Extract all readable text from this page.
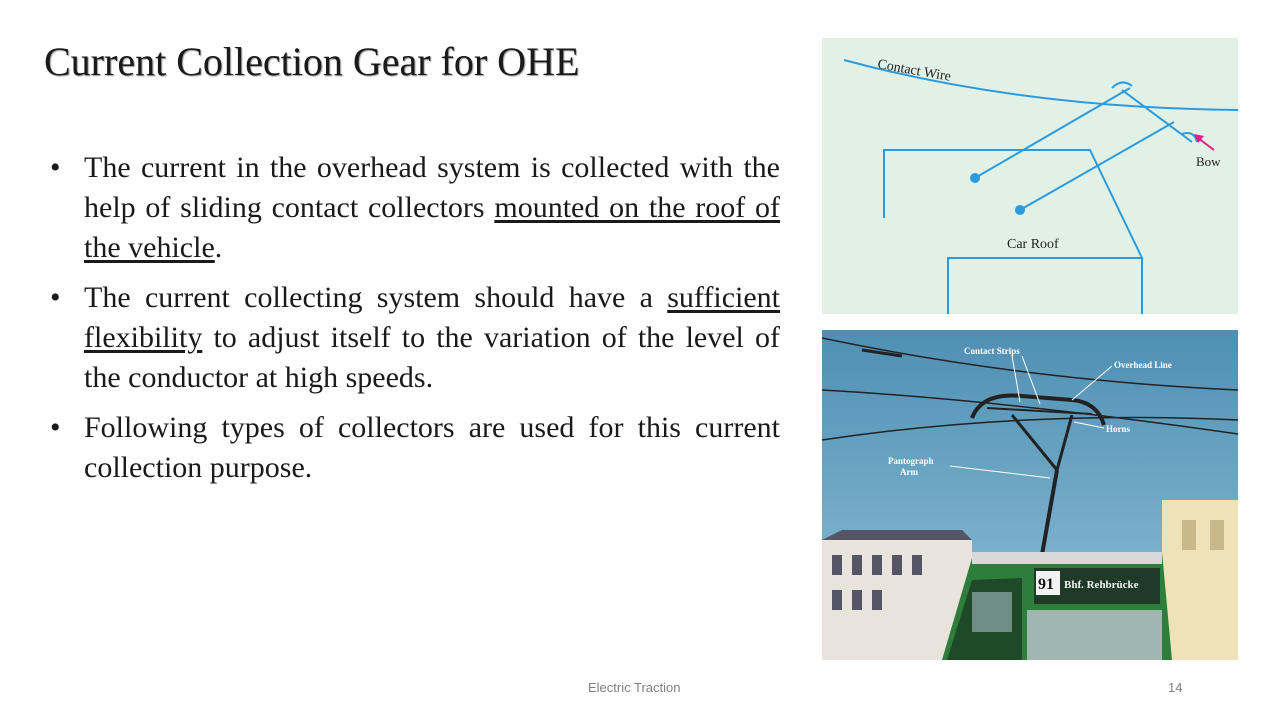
Current Collection Gear for OHE
• The current in the overhead system is collected with the help of sliding contact collectors mounted on the roof of the vehicle.
• The current collecting system should have a sufficient flexibility to adjust itself to the variation of the level of the conductor at high speeds.
• Following types of collectors are used for this current collection purpose.
Contact Wire
Bow
Car Roof
Contact Strips
Overhead Line
Horns
Pantograph
Arm
91 Bhf. Rehbrücke
Electric Traction	14
